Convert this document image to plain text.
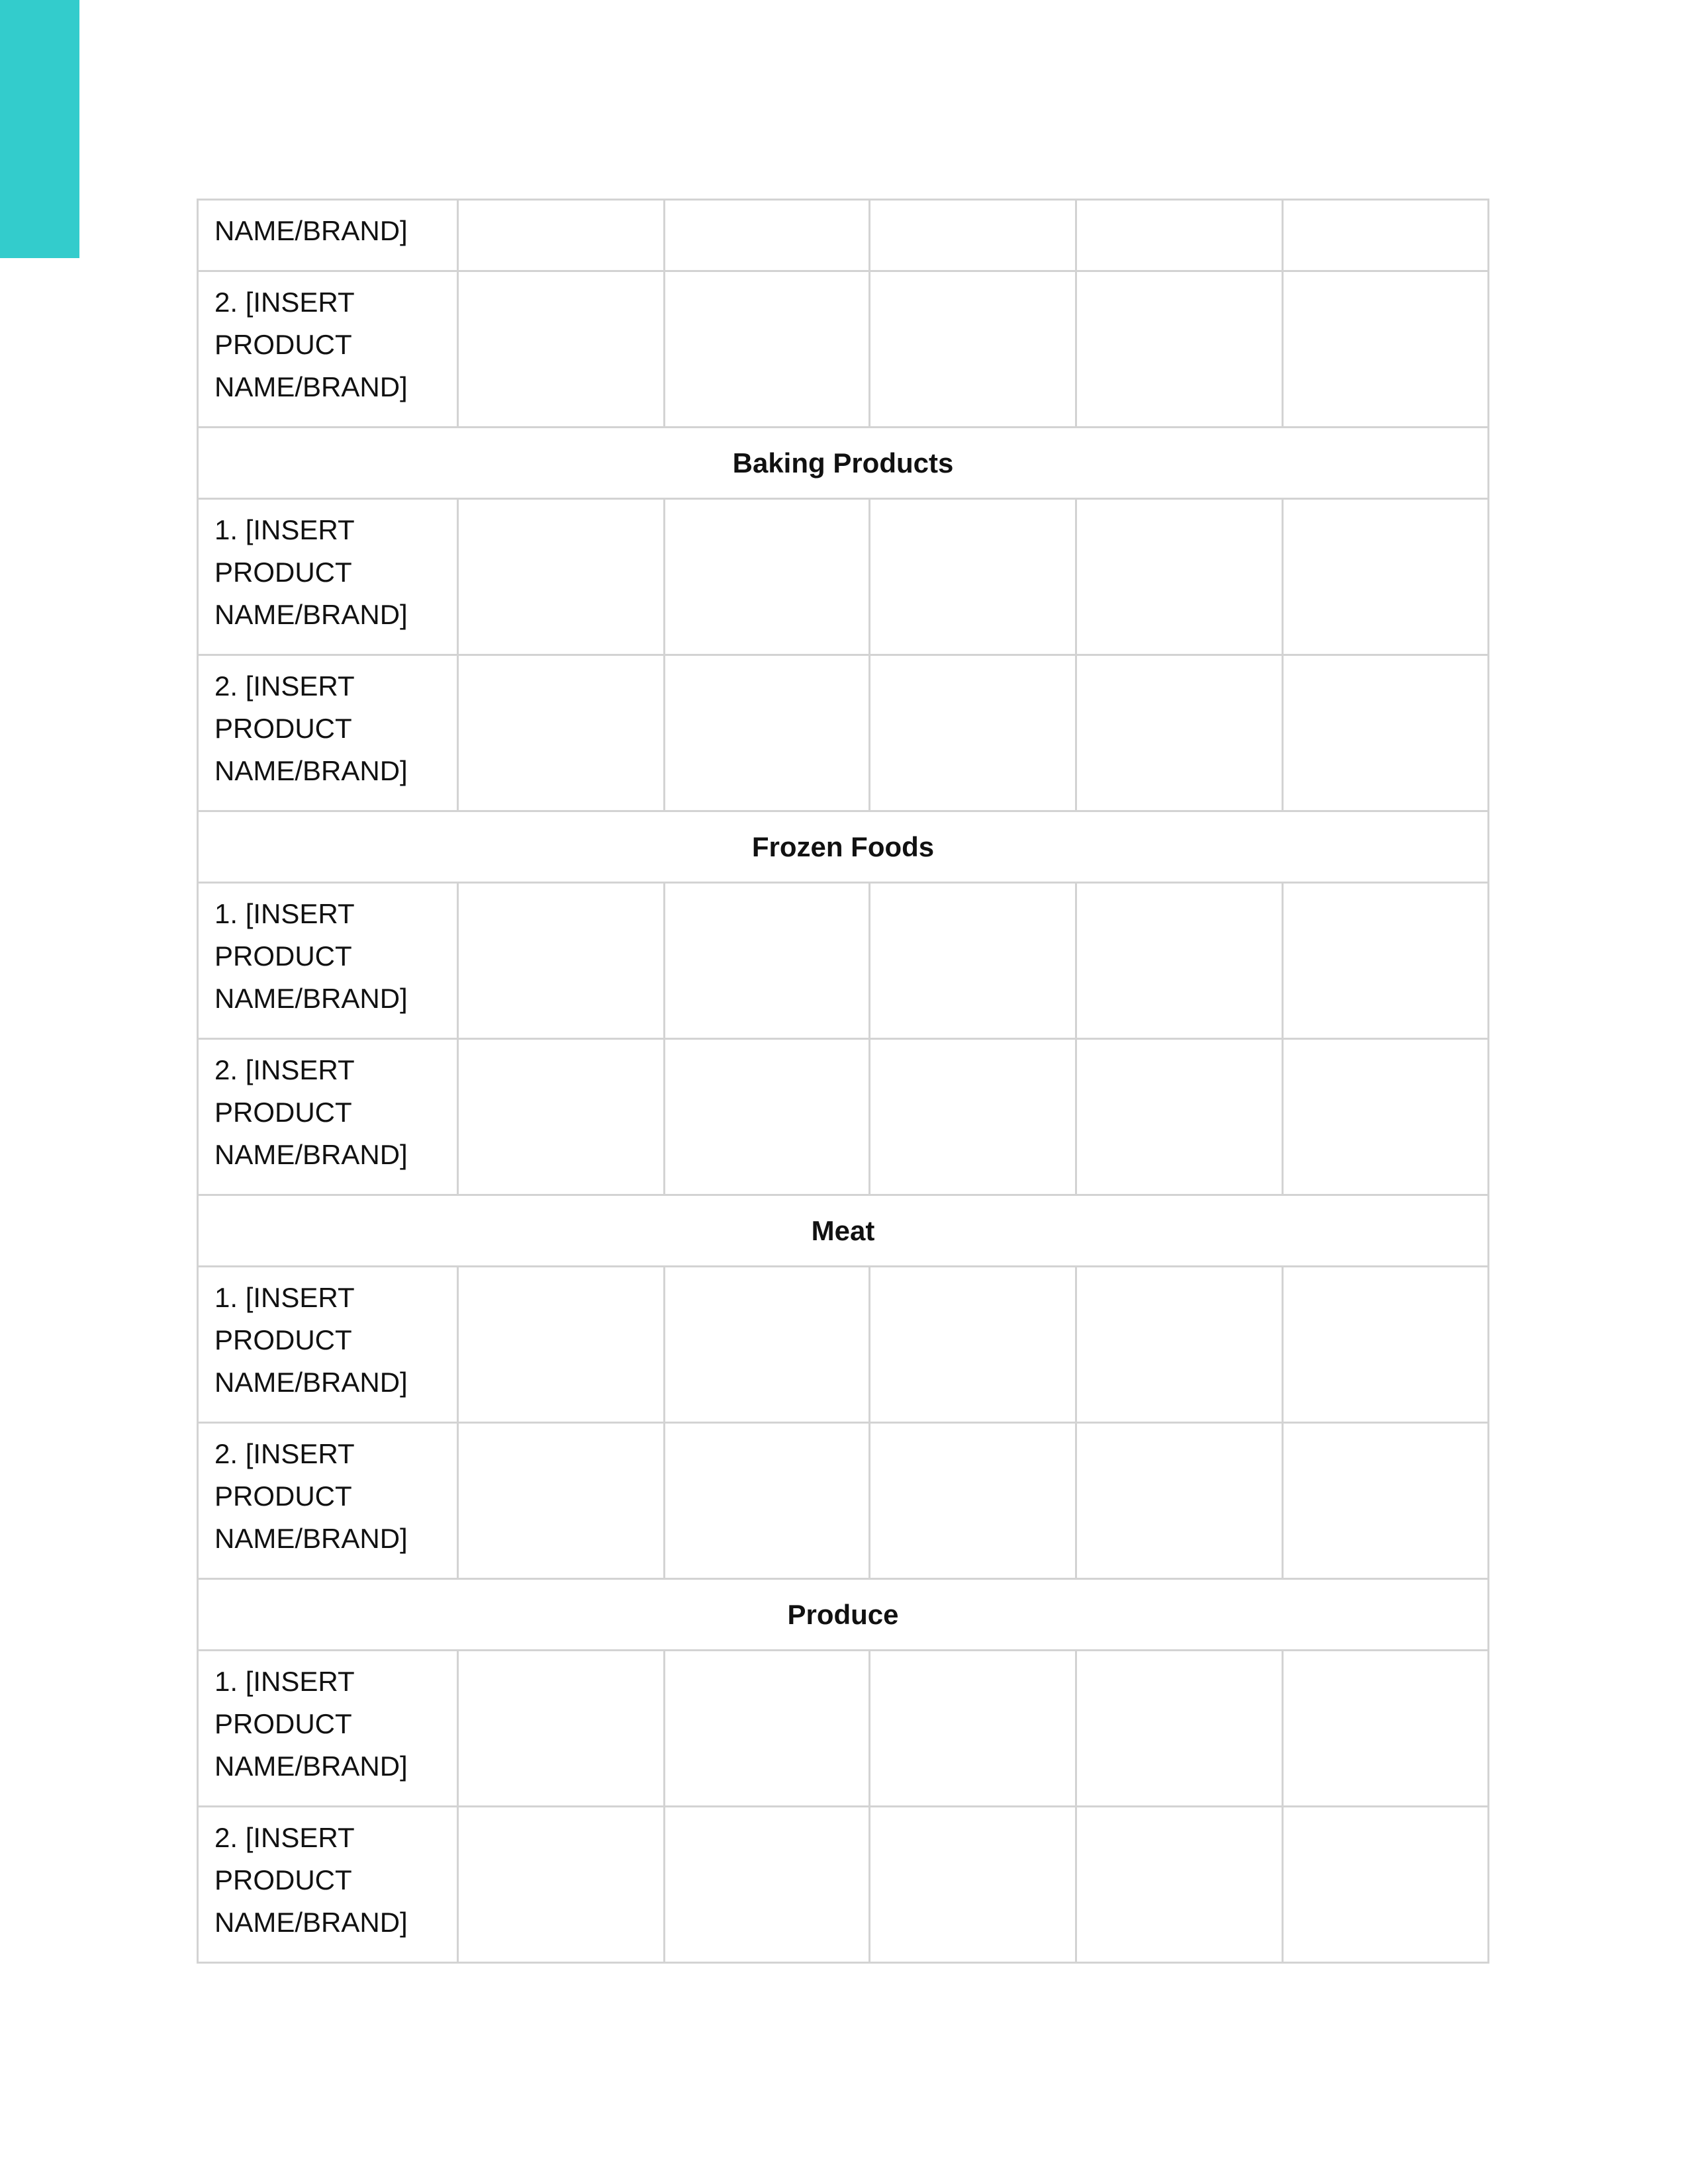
NAME/BRAND]					

2. [INSERT
PRODUCT
NAME/BRAND]					

Baking Products					

1. [INSERT
PRODUCT
NAME/BRAND]					

2. [INSERT
PRODUCT
NAME/BRAND]					

Frozen Foods					

1. [INSERT
PRODUCT
NAME/BRAND]					

2. [INSERT
PRODUCT
NAME/BRAND]					

Meat					

1. [INSERT
PRODUCT
NAME/BRAND]					

2. [INSERT
PRODUCT
NAME/BRAND]					

Produce					

1. [INSERT
PRODUCT
NAME/BRAND]					

2. [INSERT
PRODUCT
NAME/BRAND]					
